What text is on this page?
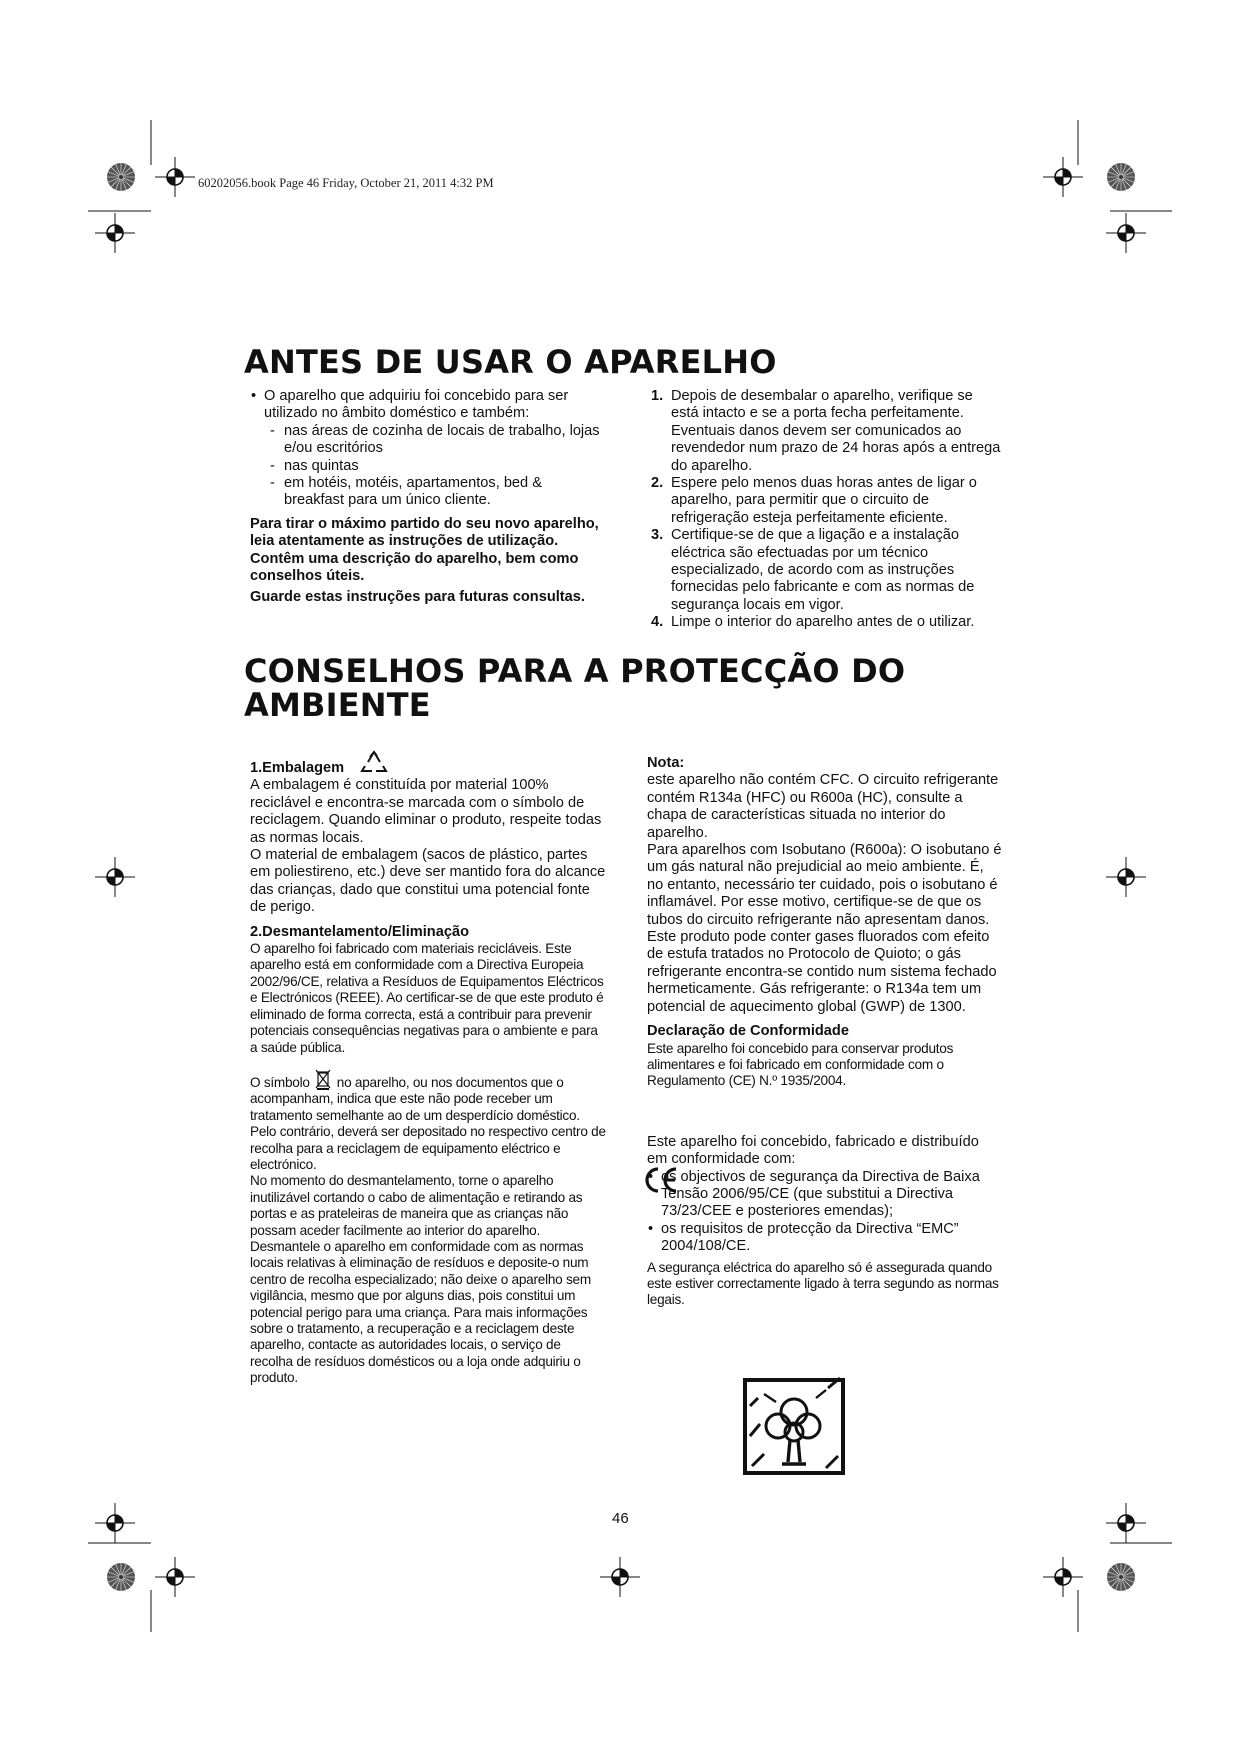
60202056.book Page 46 Friday, October 21, 2011 4:32 PM
ANTES DE USAR O APARELHO
• O aparelho que adquiriu foi concebido para ser utilizado no âmbito doméstico e também:
- nas áreas de cozinha de locais de trabalho, lojas e/ou escritórios
- nas quintas
- em hotéis, motéis, apartamentos, bed & breakfast para um único cliente.

Para tirar o máximo partido do seu novo aparelho, leia atentamente as instruções de utilização. Contêm uma descrição do aparelho, bem como conselhos úteis.

Guarde estas instruções para futuras consultas.

1. Depois de desembalar o aparelho, verifique se está intacto e se a porta fecha perfeitamente. Eventuais danos devem ser comunicados ao revendedor num prazo de 24 horas após a entrega do aparelho.
2. Espere pelo menos duas horas antes de ligar o aparelho, para permitir que o circuito de refrigeração esteja perfeitamente eficiente.
3. Certifique-se de que a ligação e a instalação eléctrica são efectuadas por um técnico especializado, de acordo com as instruções fornecidas pelo fabricante e com as normas de segurança locais em vigor.
4. Limpe o interior do aparelho antes de o utilizar.
CONSELHOS PARA A PROTECÇÃO DO
AMBIENTE

1.Embalagem

A embalagem é constituída por material 100% reciclável e encontra-se marcada com o símbolo de reciclagem. Quando eliminar o produto, respeite todas as normas locais.

O material de embalagem (sacos de plástico, partes em poliestireno, etc.) deve ser mantido fora do alcance das crianças, dado que constitui uma potencial fonte de perigo.

2.Desmantelamento/Eliminação

O aparelho foi fabricado com materiais recicláveis. Este aparelho está em conformidade com a Directiva Europeia 2002/96/CE, relativa a Resíduos de Equipamentos Eléctricos e Electrónicos (REEE). Ao certificar-se de que este produto é eliminado de forma correcta, está a contribuir para prevenir potenciais consequências negativas para o ambiente e para a saúde pública.

O símbolo no aparelho, ou nos documentos que o acompanham, indica que este não pode receber um tratamento semelhante ao de um desperdício doméstico. Pelo contrário, deverá ser depositado no respectivo centro de recolha para a reciclagem de equipamento eléctrico e electrónico.

No momento do desmantelamento, torne o aparelho inutilizável cortando o cabo de alimentação e retirando as portas e as prateleiras de maneira que as crianças não possam aceder facilmente ao interior do aparelho. Desmantele o aparelho em conformidade com as normas locais relativas à eliminação de resíduos e deposite-o num centro de recolha especializado; não deixe o aparelho sem vigilância, mesmo que por alguns dias, pois constitui um potencial perigo para uma criança. Para mais informações sobre o tratamento, a recuperação e a reciclagem deste aparelho, contacte as autoridades locais, o serviço de recolha de resíduos domésticos ou a loja onde adquiriu o produto.

Nota:

este aparelho não contém CFC. O circuito refrigerante contém R134a (HFC) ou R600a (HC), consulte a chapa de características situada no interior do aparelho.

Para aparelhos com Isobutano (R600a): O isobutano é um gás natural não prejudicial ao meio ambiente. É, no entanto, necessário ter cuidado, pois o isobutano é inflamável. Por esse motivo, certifique-se de que os tubos do circuito refrigerante não apresentam danos.

Este produto pode conter gases fluorados com efeito de estufa tratados no Protocolo de Quioto; o gás refrigerante encontra-se contido num sistema fechado hermeticamente. Gás refrigerante: o R134a tem um potencial de aquecimento global (GWP) de 1300.

Declaração de Conformidade

Este aparelho foi concebido para conservar produtos alimentares e foi fabricado em conformidade com o Regulamento (CE) N.º 1935/2004.

Este aparelho foi concebido, fabricado e distribuído em conformidade com:

• os objectivos de segurança da Directiva de Baixa Tensão 2006/95/CE (que substitui a Directiva 73/23/CEE e posteriores emendas);
• os requisitos de protecção da Directiva “EMC” 2004/108/CE.

A segurança eléctrica do aparelho só é assegurada quando este estiver correctamente ligado à terra segundo as normas legais.

46
